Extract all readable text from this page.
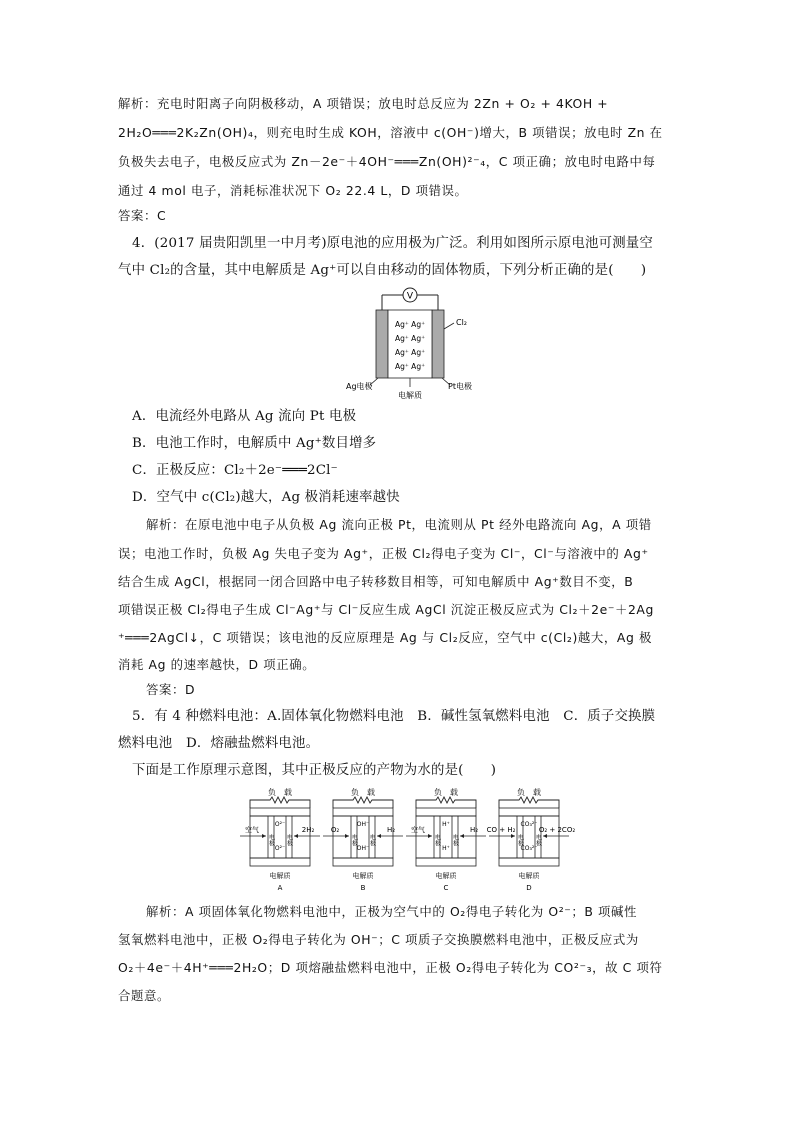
解析：充电时阳离子向阴极移动，A 项错误；放电时总反应为 2Zn + O₂ + 4KOH +
2H₂O═══2K₂Zn(OH)₄，则充电时生成 KOH，溶液中 c(OH⁻)增大，B 项错误；放电时 Zn 在
负极失去电子，电极反应式为 Zn－2e⁻＋4OH⁻═══Zn(OH)²⁻₄，C 项正确；放电时电路中每
通过 4 mol 电子，消耗标准状况下 O₂ 22.4 L，D 项错误。
答案：C
4．(2017 届贵阳凯里一中月考)原电池的应用极为广泛。利用如图所示原电池可测量空
气中 Cl₂的含量，其中电解质是 Ag⁺可以自由移动的固体物质，下列分析正确的是(　　)
V
Ag⁺ Ag⁺
Ag⁺ Ag⁺
Ag⁺ Ag⁺
Ag⁺ Ag⁺
Cl₂
Ag电极	Pt电极
电解质
A．电流经外电路从 Ag 流向 Pt 电极
B．电池工作时，电解质中 Ag⁺数目增多
C．正极反应：Cl₂＋2e⁻═══2Cl⁻
D．空气中 c(Cl₂)越大，Ag 极消耗速率越快
解析：在原电池中电子从负极 Ag 流向正极 Pt，电流则从 Pt 经外电路流向 Ag，A 项错
误；电池工作时，负极 Ag 失电子变为 Ag⁺，正极 Cl₂得电子变为 Cl⁻，Cl⁻与溶液中的 Ag⁺
结合生成 AgCl，根据同一闭合回路中电子转移数目相等，可知电解质中 Ag⁺数目不变，B
项错误正极 Cl₂得电子生成 Cl⁻Ag⁺与 Cl⁻反应生成 AgCl 沉淀正极反应式为 Cl₂＋2e⁻＋2Ag
⁺═══2AgCl↓，C 项错误；该电池的反应原理是 Ag 与 Cl₂反应，空气中 c(Cl₂)越大，Ag 极
消耗 Ag 的速率越快，D 项正确。
答案：D
5．有 4 种燃料电池：A.固体氧化物燃料电池　B．碱性氢氧燃料电池　C．质子交换膜
燃料电池　D．熔融盐燃料电池。
下面是工作原理示意图，其中正极反应的产物为水的是(　　)
负　载
电极 电极
O²⁻
O²⁻
空气	2H₂
电解质
A
负　载
电极 电极
OH⁻
OH⁻
O₂	H₂
电解质
B
负　载
电极 电极
H⁺
H⁺
空气	H₂
电解质
C
负　载
电极 电极
CO₃²⁻
CO₃²⁻
CO + H₂	O₂ + 2CO₂
电解质
D
解析：A 项固体氧化物燃料电池中，正极为空气中的 O₂得电子转化为 O²⁻；B 项碱性
氢氧燃料电池中，正极 O₂得电子转化为 OH⁻；C 项质子交换膜燃料电池中，正极反应式为
O₂＋4e⁻＋4H⁺═══2H₂O；D 项熔融盐燃料电池中，正极 O₂得电子转化为 CO²⁻₃，故 C 项符
合题意。
